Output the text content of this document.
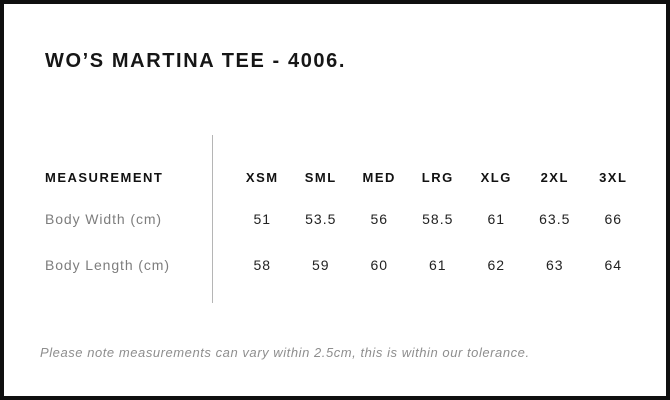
WO’S MARTINA TEE - 4006.
MEASUREMENT	XSM	SML	MED	LRG	XLG	2XL	3XL
Body Width (cm)	51	53.5	56	58.5	61	63.5	66
Body Length (cm)	58	59	60	61	62	63	64

Please note measurements can vary within 2.5cm, this is within our tolerance.
